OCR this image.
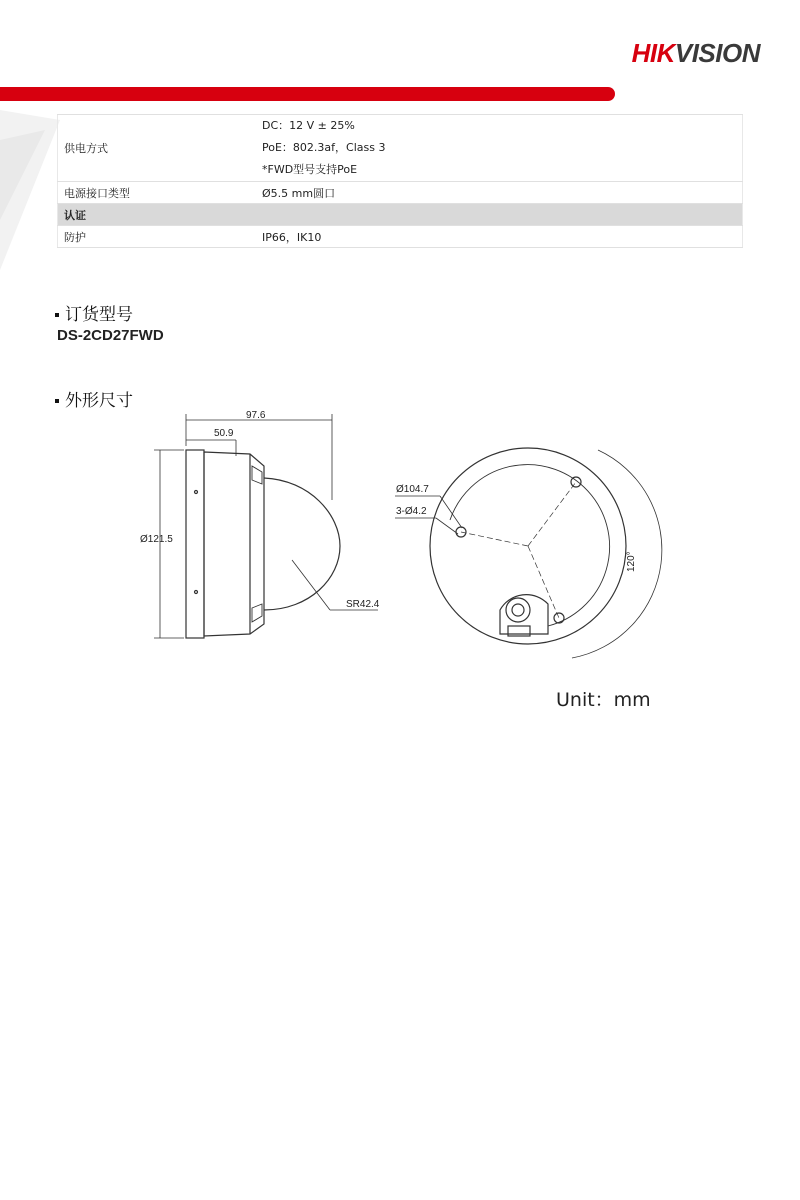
HIKVISION
供电方式	DC：12 V ± 25%
PoE：802.3af，Class 3
*FWD型号支持PoE

电源接口类型	Ø5.5 mm圆口
认证	
防护	IP66，IK10
订货型号
DS-2CD27FWD
外形尺寸
97.6
50.9
Ø121.5
SR42.4
Ø104.7
3-Ø4.2
120°
Unit：mm
